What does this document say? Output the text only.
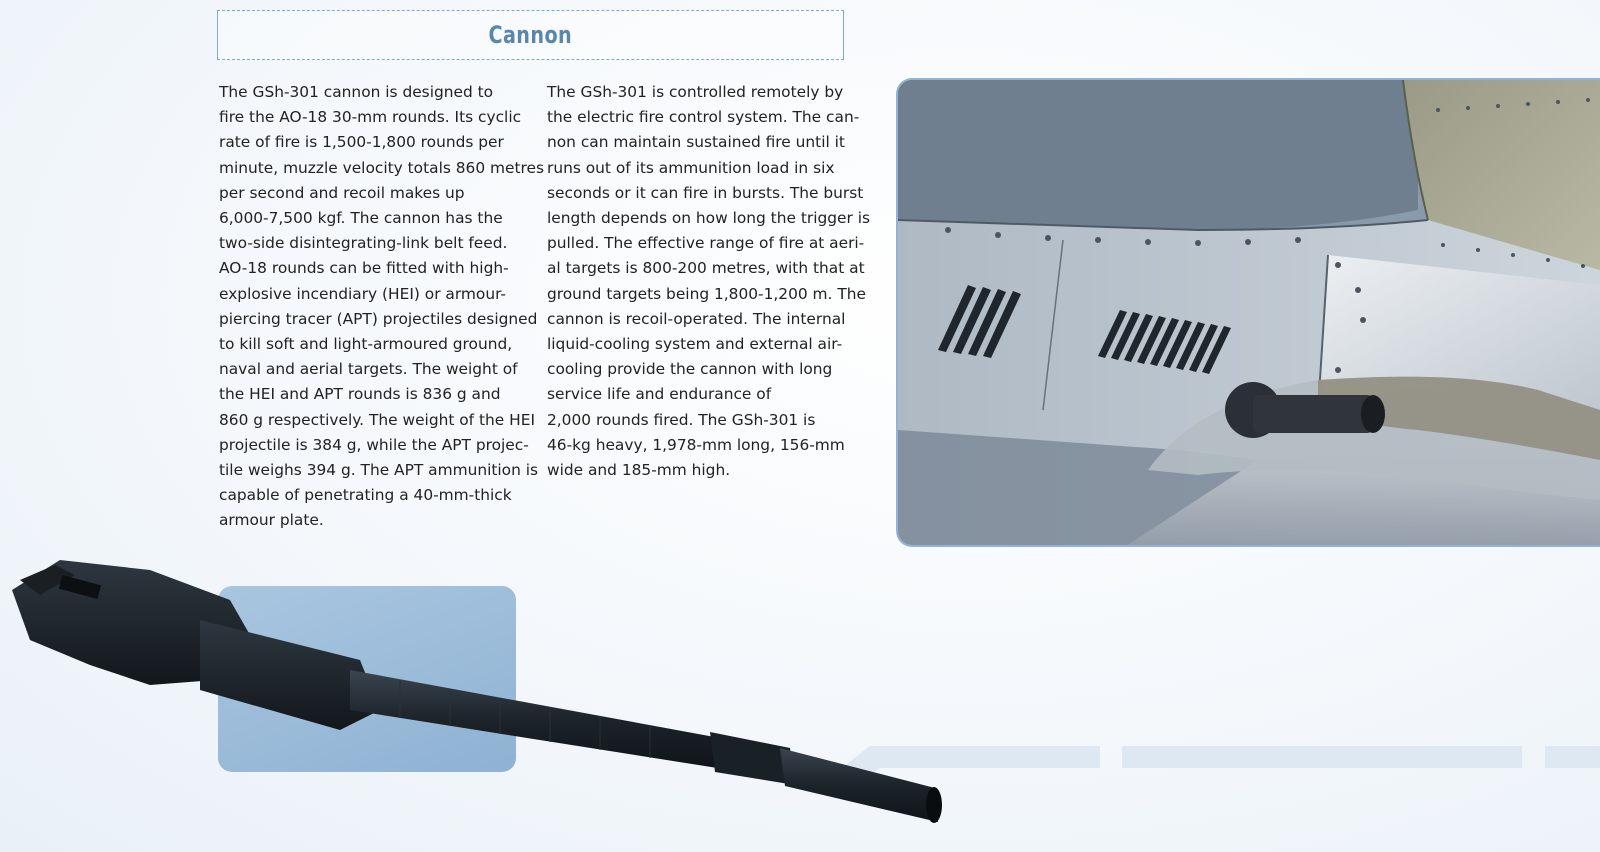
Cannon
The GSh-301 cannon is designed to
fire the AO-18 30-mm rounds. Its cyclic
rate of fire is 1,500-1,800 rounds per
minute, muzzle velocity totals 860 metres
per second and recoil makes up
6,000-7,500 kgf. The cannon has the
two-side disintegrating-link belt feed.
AO-18 rounds can be fitted with high-
explosive incendiary (HEI) or armour-
piercing tracer (APT) projectiles designed
to kill soft and light-armoured ground,
naval and aerial targets. The weight of
the HEI and APT rounds is 836 g and
860 g respectively. The weight of the HEI
projectile is 384 g, while the APT projec-
tile weighs 394 g. The APT ammunition is
capable of penetrating a 40-mm-thick
armour plate.
The GSh-301 is controlled remotely by
the electric fire control system. The can-
non can maintain sustained fire until it
runs out of its ammunition load in six
seconds or it can fire in bursts. The burst
length depends on how long the trigger is
pulled. The effective range of fire at aeri-
al targets is 800-200 metres, with that at
ground targets being 1,800-1,200 m. The
cannon is recoil-operated. The internal
liquid-cooling system and external air-
cooling provide the cannon with long
service life and endurance of
2,000 rounds fired. The GSh-301 is
46-kg heavy, 1,978-mm long, 156-mm
wide and 185-mm high.
